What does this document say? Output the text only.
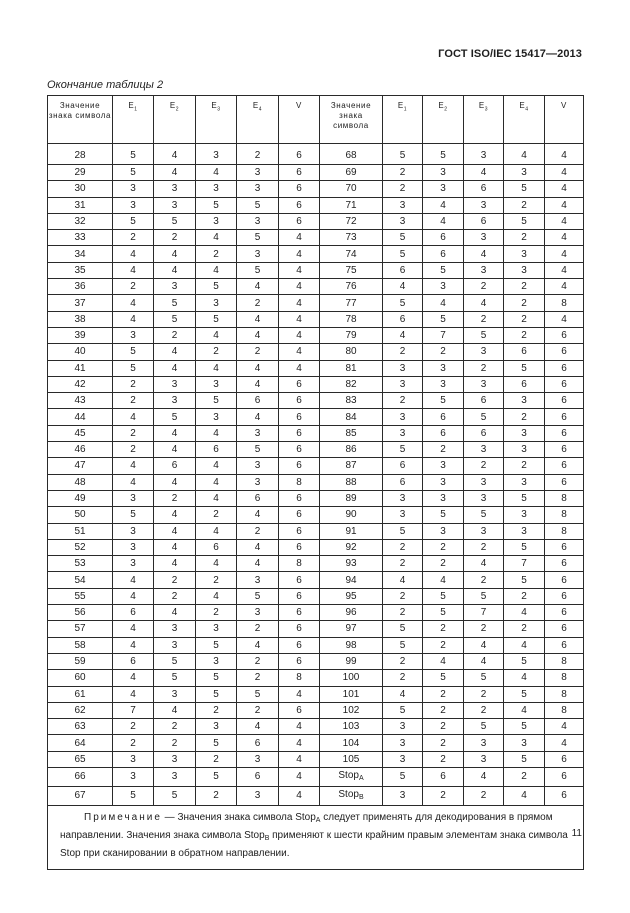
ГОСТ ISO/IEC 15417—2013
Окончание таблицы 2
Значение знака символа	$E_1$	$E_2$	$E_3$	$E_4$	V	Значение знака символа	$E_1$	$E_2$	$E_3$	$E_4$	V
28	5	4	3	2	6	68	5	5	3	4	4
29	5	4	4	3	6	69	2	3	4	3	4
30	3	3	3	3	6	70	2	3	6	5	4
31	3	3	5	5	6	71	3	4	3	2	4
32	5	5	3	3	6	72	3	4	6	5	4
33	2	2	4	5	4	73	5	6	3	2	4
34	4	4	2	3	4	74	5	6	4	3	4
35	4	4	4	5	4	75	6	5	3	3	4
36	2	3	5	4	4	76	4	3	2	2	4
37	4	5	3	2	4	77	5	4	4	2	8
38	4	5	5	4	4	78	6	5	2	2	4
39	3	2	4	4	4	79	4	7	5	2	6
40	5	4	2	2	4	80	2	2	3	6	6
41	5	4	4	4	4	81	3	3	2	5	6
42	2	3	3	4	6	82	3	3	3	6	6
43	2	3	5	6	6	83	2	5	6	3	6
44	4	5	3	4	6	84	3	6	5	2	6
45	2	4	4	3	6	85	3	6	6	3	6
46	2	4	6	5	6	86	5	2	3	3	6
47	4	6	4	3	6	87	6	3	2	2	6
48	4	4	4	3	8	88	6	3	3	3	6
49	3	2	4	6	6	89	3	3	3	5	8
50	5	4	2	4	6	90	3	5	5	3	8
51	3	4	4	2	6	91	5	3	3	3	8
52	3	4	6	4	6	92	2	2	2	5	6
53	3	4	4	4	8	93	2	2	4	7	6
54	4	2	2	3	6	94	4	4	2	5	6
55	4	2	4	5	6	95	2	5	5	2	6
56	6	4	2	3	6	96	2	5	7	4	6
57	4	3	3	2	6	97	5	2	2	2	6
58	4	3	5	4	6	98	5	2	4	4	6
59	6	5	3	2	6	99	2	4	4	5	8
60	4	5	5	2	8	100	2	5	5	4	8
61	4	3	5	5	4	101	4	2	2	5	8
62	7	4	2	2	6	102	5	2	2	4	8
63	2	2	3	4	4	103	3	2	5	5	4
64	2	2	5	6	4	104	3	2	3	3	4
65	3	3	2	3	4	105	3	2	3	5	6
66	3	3	5	6	4	Stop$_A$	5	6	4	2	6
67	5	5	2	3	4	Stop$_B$	3	2	2	4	6

Примечание — Значения знака символа Stop$_A$ следует применять для декодирования в прямом направлении. Значения знака символа Stop$_B$ применяют к шести крайним правым элементам знака символа Stop при сканировании в обратном направлении.											

11
